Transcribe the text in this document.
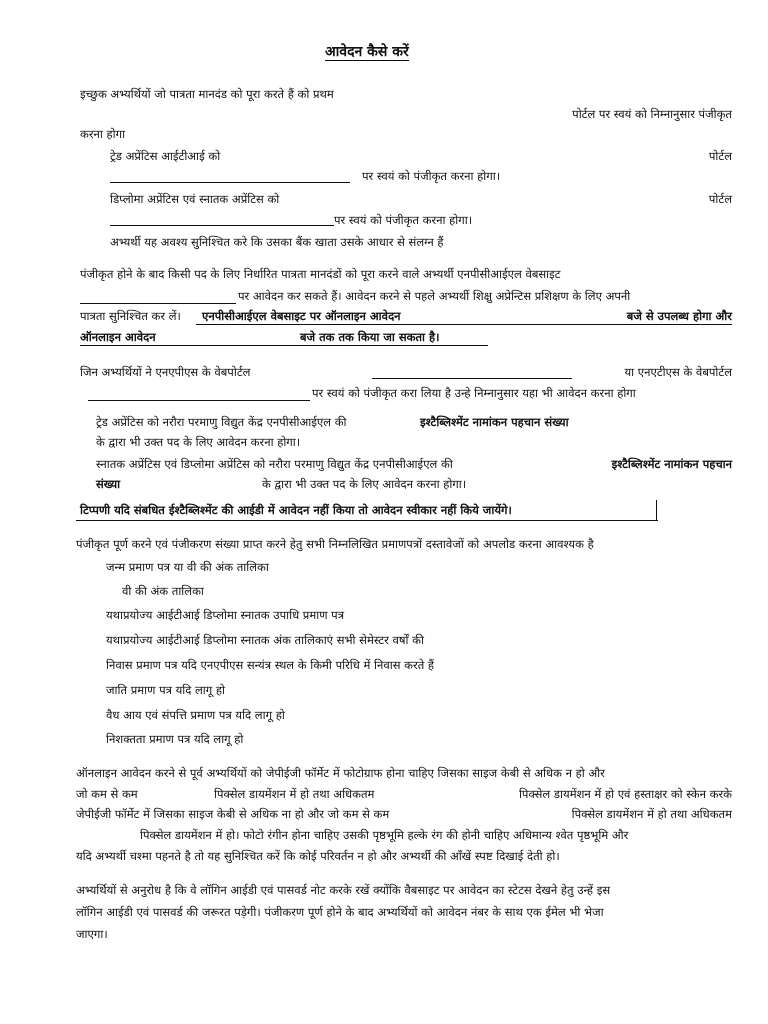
आवेदन कैसे करें
इच्छुक अभ्यर्थियों जो पात्रता मानदंड को पूरा करते हैं को प्रथम
पोर्टल पर स्वयं को निम्नानुसार पंजीकृत
करना होगा
ट्रेड अप्रेंटिस आईटीआई को	पोर्टल
पर स्वयं को पंजीकृत करना होगा।
डिप्लोमा अप्रेंटिस एवं स्नातक अप्रेंटिस को	पोर्टल
पर स्वयं को पंजीकृत करना होगा।
अभ्यर्थी यह अवश्य सुनिश्चित करे कि उसका बैंक खाता उसके आधार से संलग्न हैं
पंजीकृत होने के बाद किसी पद के लिए निर्धारित पात्रता मानदंडों को पूरा करने वाले अभ्यर्थी एनपीसीआईएल वेबसाइट
पर आवेदन कर सकते हैं। आवेदन करने से पहले अभ्यर्थी शिक्षु अप्रेन्टिस प्रशिक्षण के लिए अपनी
पात्रता सुनिश्चित कर लें। एनपीसीआईएल वेबसाइट पर ऑनलाइन आवेदन	बजे से उपलब्ध होगा और
ऑनलाइन आवेदन	बजे तक तक किया जा सकता है।
जिन अभ्यर्थियों ने एनएपीएस के वेबपोर्टल	या एनएटीएस के वेबपोर्टल
पर स्वयं को पंजीकृत करा लिया है उन्हे निम्नानुसार यहा भी आवेदन करना होगा
ट्रेड अप्रेंटिस को नरौरा परमाणु विद्युत केंद्र एनपीसीआईएल की	इश्टैब्लिश्मेंट नामांकन पहचान संख्या
के द्वारा भी उक्त पद के लिए आवेदन करना होगा।
स्नातक अप्रेंटिस एवं डिप्लोमा अप्रेंटिस को नरौरा परमाणु विद्युत केंद्र एनपीसीआईएल की	इश्टैब्लिश्मेंट नामांकन पहचान
संख्या	के द्वारा भी उक्त पद के लिए आवेदन करना होगा।
टिप्पणी यदि संबधित ईश्टैब्लिश्मेंट की आईडी में आवेदन नहीं किया तो आवेदन स्वीकार नहीं किये जायेंगे।
पंजीकृत पूर्ण करने एवं पंजीकरण संख्या प्राप्त करने हेतु सभी निम्नलिखित प्रमाणपत्रों दस्तावेजों को अपलोड करना आवश्यक है
जन्म प्रमाण पत्र या वी की अंक तालिका
वी की अंक तालिका
यथाप्रयोज्य आईटीआई डिप्लोमा स्नातक उपाधि प्रमाण पत्र
यथाप्रयोज्य आईटीआई डिप्लोमा स्नातक अंक तालिकाएं सभी सेमेस्टर वर्षों की
निवास प्रमाण पत्र यदि एनएपीएस सन्यंत्र स्थल के किमी परिधि में निवास करते हैं
जाति प्रमाण पत्र यदि लागू हो
वैध आय एवं संपत्ति प्रमाण पत्र यदि लागू हो
निशक्तता प्रमाण पत्र यदि लागू हो
ऑनलाइन आवेदन करने से पूर्व अभ्यर्थियों को जेपीईजी फॉर्मेट में फोटोग्राफ होना चाहिए जिसका साइज केबी से अधिक न हो और
जो कम से कम	पिक्सेल डायमेंशन में हो तथा अधिकतम	पिक्सेल डायमेंशन में हो एवं हस्ताक्षर को स्केन करके
जेपीईजी फॉर्मेट में जिसका साइज केबी से अधिक ना हो और जो कम से कम	पिक्सेल डायमेंशन में हो तथा अधिकतम
पिक्सेल डायमेंशन में हो। फोटो रंगीन होना चाहिए उसकी पृष्ठभूमि हल्के रंग की होनी चाहिए अधिमान्य श्वेत पृष्ठभूमि और
यदि अभ्यर्थी चश्मा पहनते है तो यह सुनिश्चित करें कि कोई परिवर्तन न हो और अभ्यर्थी की आँखें स्पष्ट दिखाई देती हो।
अभ्यर्थियों से अनुरोध है कि वे लॉगिन आईडी एवं पासवर्ड नोट करके रखें क्योंकि वैबसाइट पर आवेदन का स्टेटस देखने हेतु उन्हें इस
लॉगिन आईडी एवं पासवर्ड की जरूरत पड़ेगी। पंजीकरण पूर्ण होने के बाद अभ्यर्थियों को आवेदन नंबर के साथ एक ईमेल भी भेजा
जाएगा।
